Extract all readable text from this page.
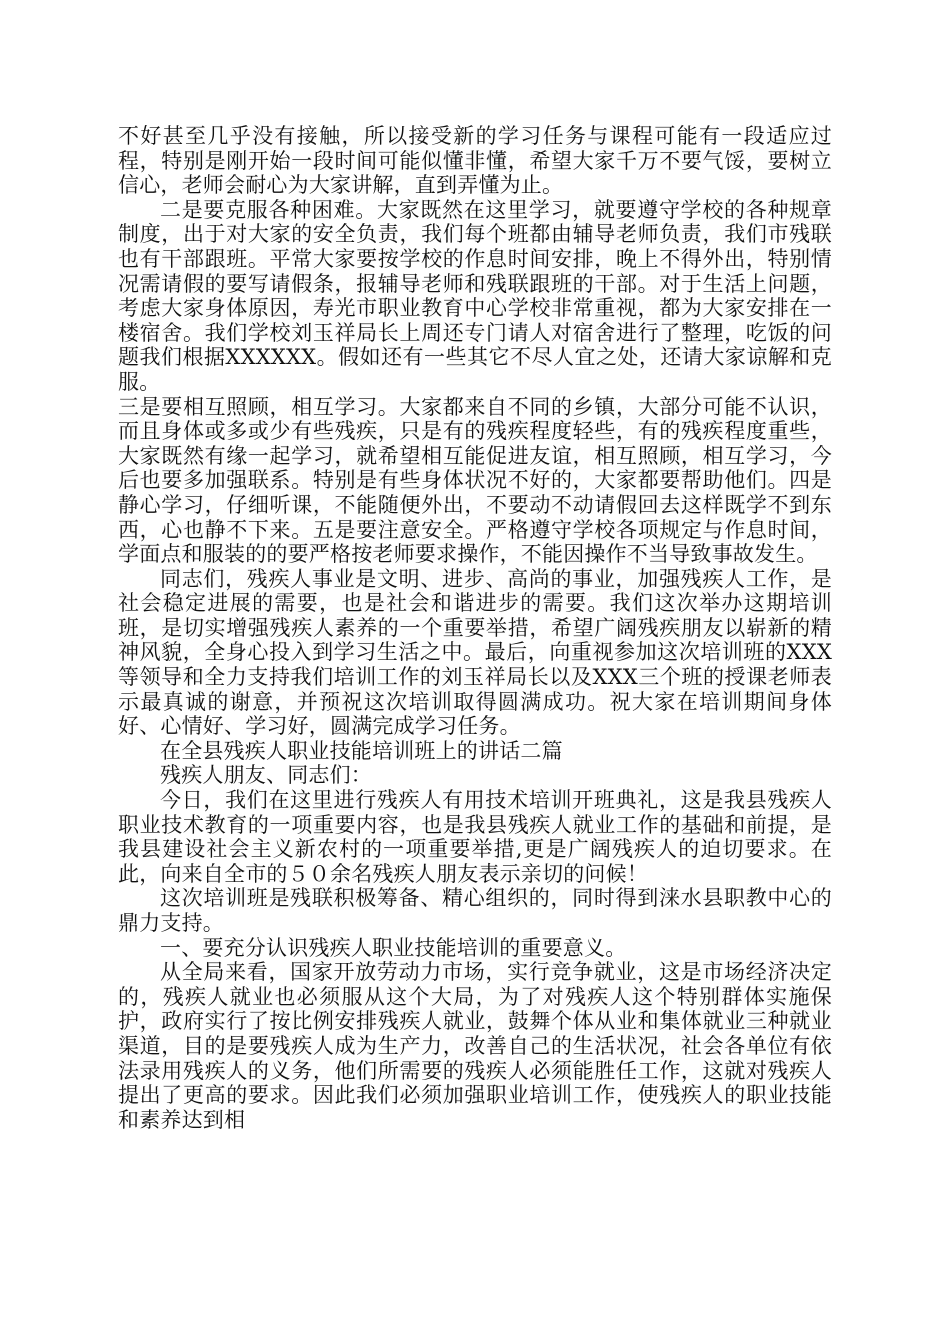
不好甚至几乎没有接触，所以接受新的学习任务与课程可能有一段适应过程，特别是刚开始一段时间可能似懂非懂，希望大家千万不要气馁，要树立信心，老师会耐心为大家讲解，直到弄懂为止。

二是要克服各种困难。大家既然在这里学习，就要遵守学校的各种规章制度，出于对大家的安全负责，我们每个班都由辅导老师负责，我们市残联也有干部跟班。平常大家要按学校的作息时间安排，晚上不得外出，特别情况需请假的要写请假条，报辅导老师和残联跟班的干部。对于生活上问题，考虑大家身体原因，寿光市职业教育中心学校非常重视，都为大家安排在一楼宿舍。我们学校刘玉祥局长上周还专门请人对宿舍进行了整理，吃饭的问题我们根据XXXXXX。假如还有一些其它不尽人宜之处，还请大家谅解和克服。

三是要相互照顾，相互学习。大家都来自不同的乡镇，大部分可能不认识，而且身体或多或少有些残疾，只是有的残疾程度轻些，有的残疾程度重些，大家既然有缘一起学习，就希望相互能促进友谊，相互照顾，相互学习，今后也要多加强联系。特别是有些身体状况不好的，大家都要帮助他们。四是静心学习，仔细听课，不能随便外出，不要动不动请假回去这样既学不到东西，心也静不下来。五是要注意安全。严格遵守学校各项规定与作息时间，学面点和服装的的要严格按老师要求操作，不能因操作不当导致事故发生。

同志们，残疾人事业是文明、进步、高尚的事业，加强残疾人工作，是社会稳定进展的需要，也是社会和谐进步的需要。我们这次举办这期培训班，是切实增强残疾人素养的一个重要举措，希望广阔残疾朋友以崭新的精神风貌，全身心投入到学习生活之中。最后，向重视参加这次培训班的XXX等领导和全力支持我们培训工作的刘玉祥局长以及XXX三个班的授课老师表示最真诚的谢意，并预祝这次培训取得圆满成功。祝大家在培训期间身体好、心情好、学习好，圆满完成学习任务。

在全县残疾人职业技能培训班上的讲话二篇

残疾人朋友、同志们：

今日，我们在这里进行残疾人有用技术培训开班典礼，这是我县残疾人职业技术教育的一项重要内容，也是我县残疾人就业工作的基础和前提，是我县建设社会主义新农村的一项重要举措,更是广阔残疾人的迫切要求。在此，向来自全市的５０余名残疾人朋友表示亲切的问候！

这次培训班是残联积极筹备、精心组织的，同时得到涞水县职教中心的鼎力支持。

一、要充分认识残疾人职业技能培训的重要意义。

从全局来看，国家开放劳动力市场，实行竞争就业，这是市场经济决定的，残疾人就业也必须服从这个大局，为了对残疾人这个特别群体实施保护，政府实行了按比例安排残疾人就业，鼓舞个体从业和集体就业三种就业渠道，目的是要残疾人成为生产力，改善自己的生活状况，社会各单位有依法录用残疾人的义务，他们所需要的残疾人必须能胜任工作，这就对残疾人提出了更高的要求。因此我们必须加强职业培训工作，使残疾人的职业技能和素养达到相
